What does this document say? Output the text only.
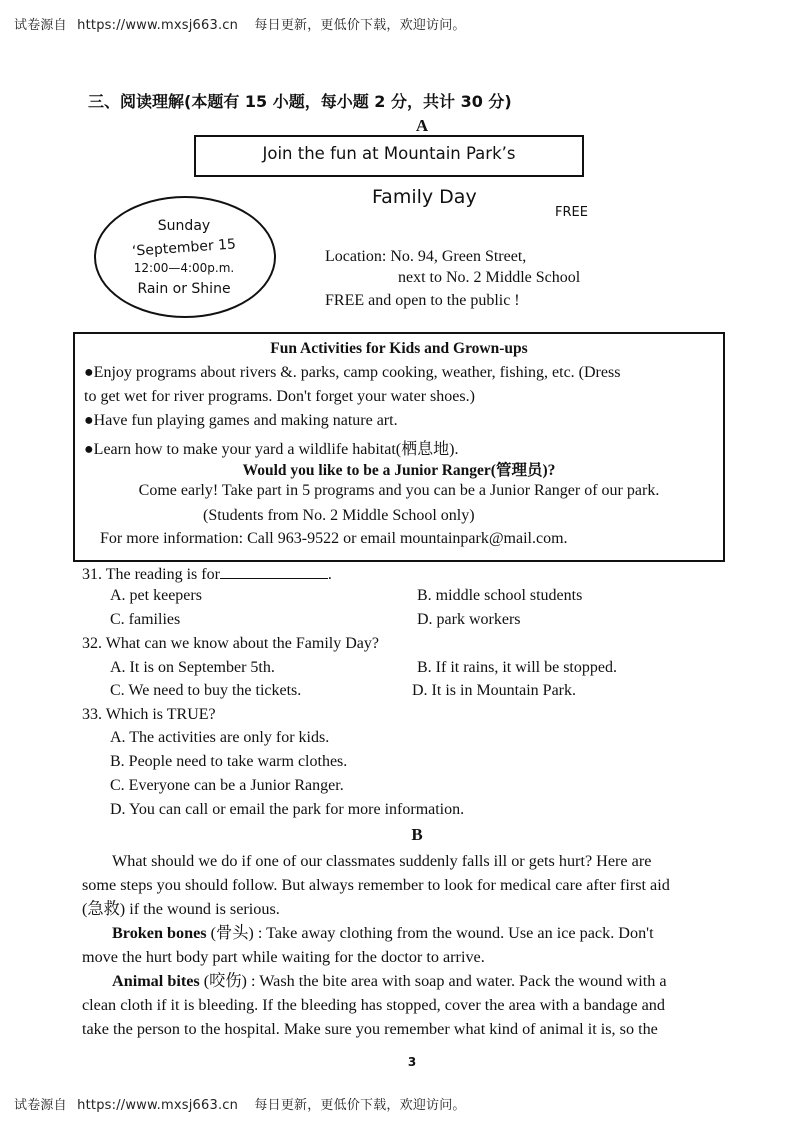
试卷源自 https://www.mxsj663.cn 每日更新，更低价下载，欢迎访问。
三、阅读理解(本题有 15 小题，每小题 2 分，共计 30 分)
A
Join the fun at Mountain Park’s
Family Day
FREE
Sunday
‘September 15
12:00—4:00p.m.
Rain or Shine
Location: No. 94, Green Street,
next to No. 2 Middle School
FREE and open to the public !
Fun Activities for Kids and Grown-ups
●Enjoy programs about rivers &. parks, camp cooking, weather, fishing, etc. (Dress
to get wet for river programs. Don't forget your water shoes.)
●Have fun playing games and making nature art.
●Learn how to make your yard a wildlife habitat(栖息地).
Would you like to be a Junior Ranger(管理员)?
Come early! Take part in 5 programs and you can be a Junior Ranger of our park.
(Students from No. 2 Middle School only)
For more information: Call 963-9522 or email mountainpark@mail.com.
31. The reading is for	.
A. pet keepers	B. middle school students
C. families	D. park workers
32. What can we know about the Family Day?
A. It is on September 5th.	B. If it rains, it will be stopped.
C. We need to buy the tickets.	D. It is in Mountain Park.
33. Which is TRUE?
A. The activities are only for kids.
B. People need to take warm clothes.
C. Everyone can be a Junior Ranger.
D. You can call or email the park for more information.
B
What should we do if one of our classmates suddenly falls ill or gets hurt? Here are
some steps you should follow. But always remember to look for medical care after first aid
(急救) if the wound is serious.
Broken bones (骨头) : Take away clothing from the wound. Use an ice pack. Don't
move the hurt body part while waiting for the doctor to arrive.
Animal bites (咬伤) : Wash the bite area with soap and water. Pack the wound with a
clean cloth if it is bleeding. If the bleeding has stopped, cover the area with a bandage and
take the person to the hospital. Make sure you remember what kind of animal it is, so the
3
试卷源自 https://www.mxsj663.cn 每日更新，更低价下载，欢迎访问。
